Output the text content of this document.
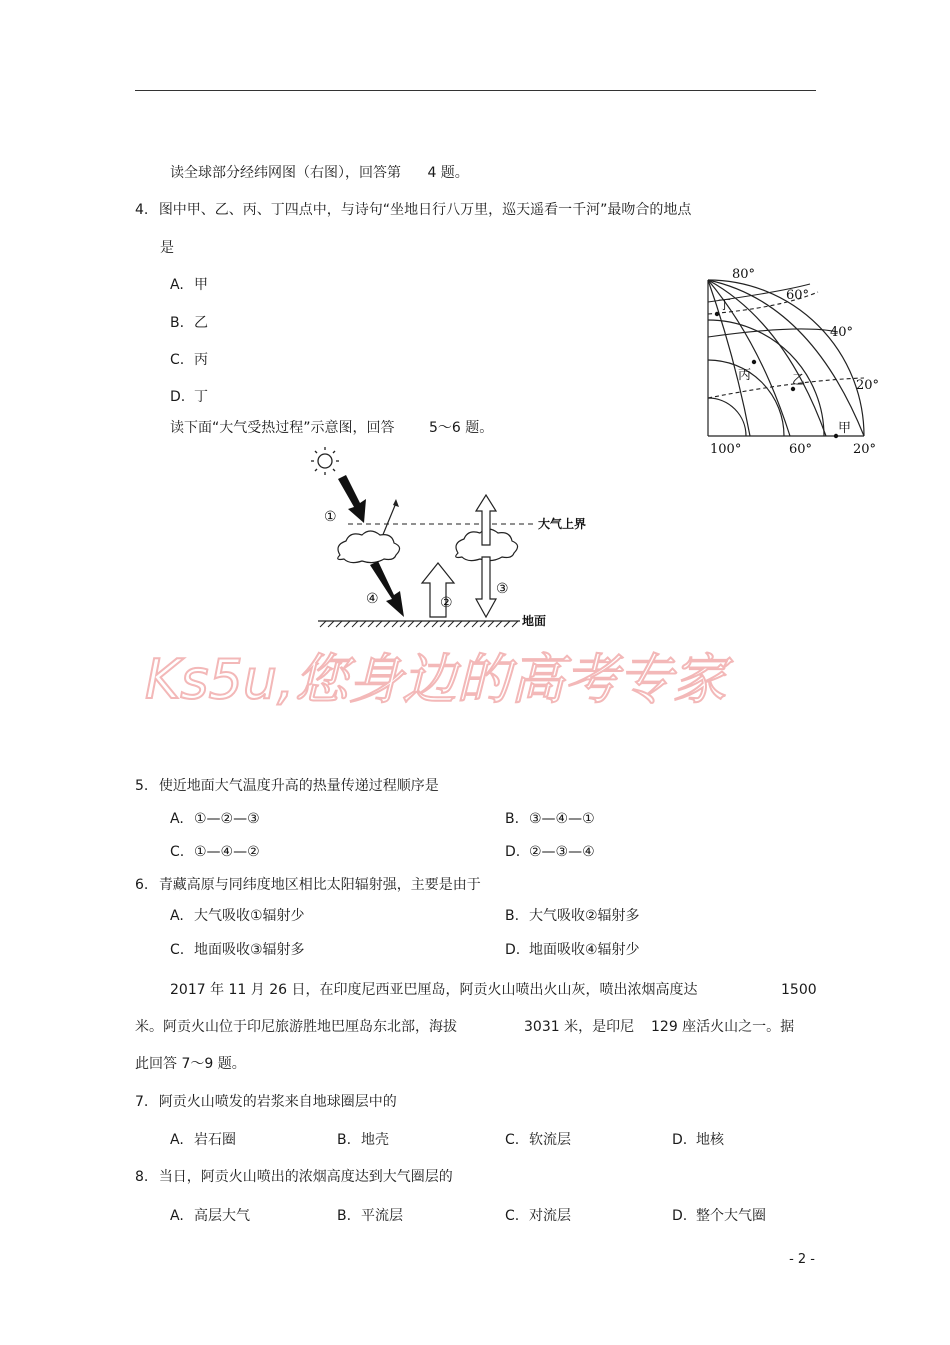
读全球部分经纬网图（右图），回答第 4 题。
4. 图中甲、乙、丙、丁四点中，与诗句“坐地日行八万里，巡天遥看一千河”最吻合的地点
是
A. 甲
B. 乙
C. 丙
D. 丁
80°
60°
40°
20°
100°	60°	20°
甲
乙
丙
丁
读下面“大气受热过程”示意图，回答 5～6 题。
大气上界
地面
①
②
③
④
Ks5u,您身边的高考专家
5. 使近地面大气温度升高的热量传递过程顺序是
A. ①—②—③	B. ③—④—①
C. ①—④—②	D. ②—③—④
6. 青藏高原与同纬度地区相比太阳辐射强，主要是由于
A. 大气吸收①辐射少	B. 大气吸收②辐射多
C. 地面吸收③辐射多	D. 地面吸收④辐射少
2017 年 11 月 26 日，在印度尼西亚巴厘岛，阿贡火山喷出火山灰，喷出浓烟高度达	1500
米。阿贡火山位于印尼旅游胜地巴厘岛东北部，海拔	3031 米，是印尼 129 座活火山之一。据
此回答 7～9 题。
7. 阿贡火山喷发的岩浆来自地球圈层中的
A. 岩石圈	B. 地壳	C. 软流层	D. 地核
8. 当日，阿贡火山喷出的浓烟高度达到大气圈层的
A. 高层大气	B. 平流层	C. 对流层	D. 整个大气圈
- 2 -
